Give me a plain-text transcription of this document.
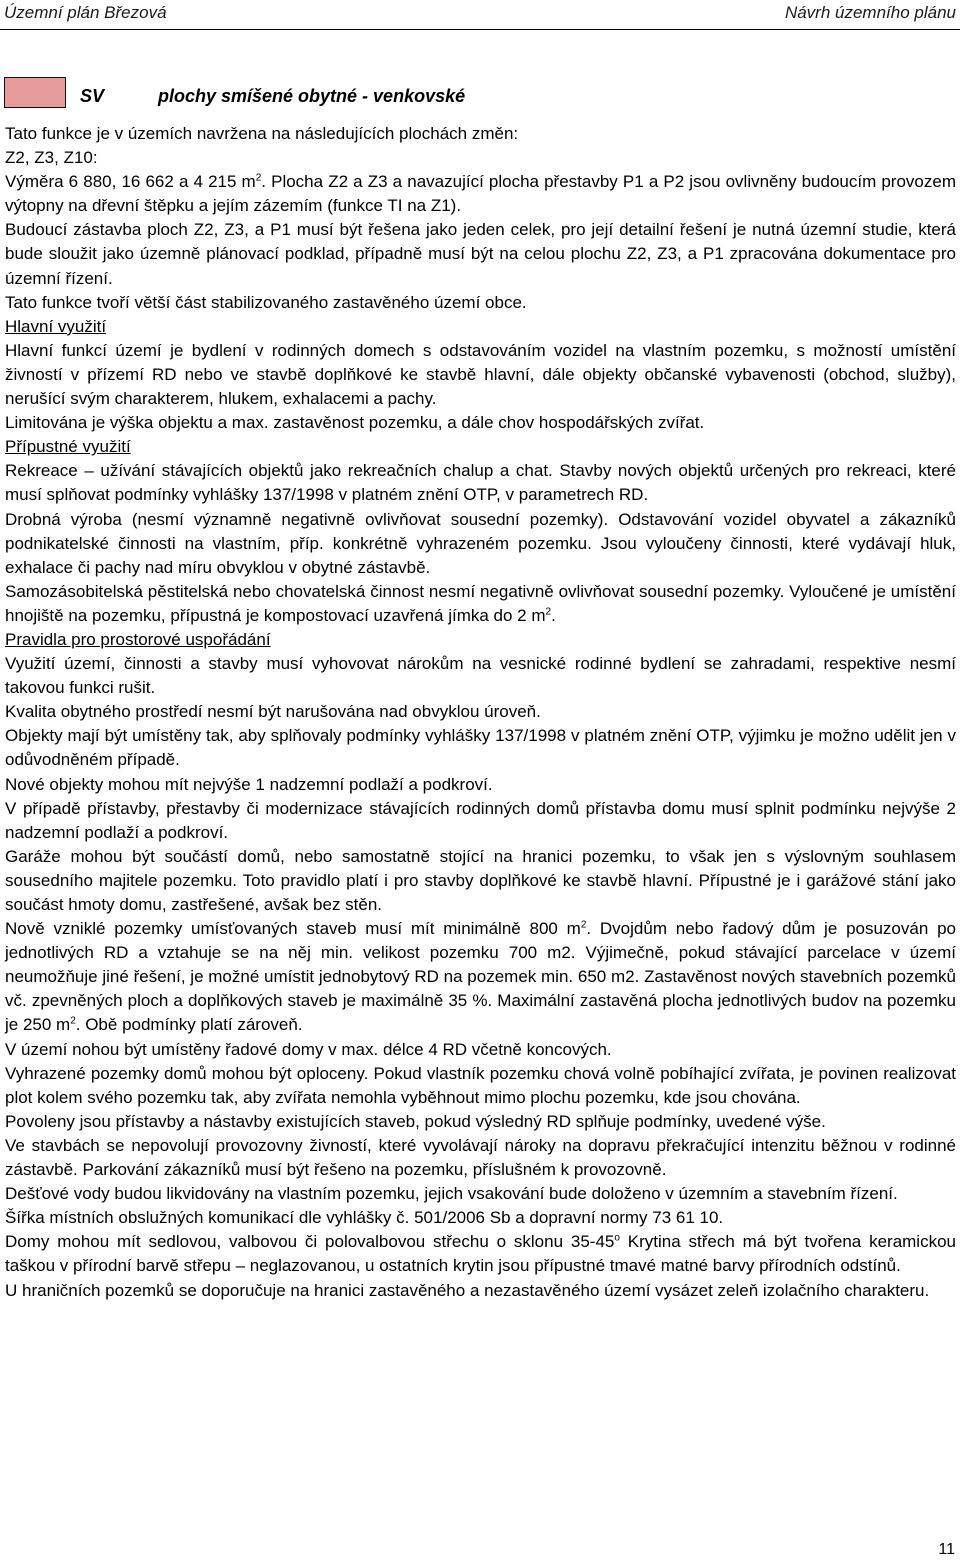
Územní plán Březová	Návrh územního plánu
SV	plochy smíšené obytné - venkovské

Tato funkce je v územích navržena na následujících plochách změn:

Z2, Z3, Z10:

Výměra 6 880, 16 662 a 4 215 $m^2$. Plocha Z2 a Z3 a navazující plocha přestavby P1 a P2 jsou ovlivněny budoucím provozem výtopny na dřevní štěpku a jejím zázemím (funkce TI na Z1).

Budoucí zástavba ploch Z2, Z3, a P1 musí být řešena jako jeden celek, pro její detailní řešení je nutná územní studie, která bude sloužit jako územně plánovací podklad, případně musí být na celou plochu Z2, Z3, a P1 zpracována dokumentace pro územní řízení.

Tato funkce tvoří větší část stabilizovaného zastavěného území obce.

Hlavní využití

Hlavní funkcí území je bydlení v rodinných domech s odstavováním vozidel na vlastním pozemku, s možností umístění živností v přízemí RD nebo ve stavbě doplňkové ke stavbě hlavní, dále objekty občanské vybavenosti (obchod, služby), nerušící svým charakterem, hlukem, exhalacemi a pachy.

Limitována je výška objektu a max. zastavěnost pozemku, a dále chov hospodářských zvířat.

Přípustné využití

Rekreace – užívání stávajících objektů jako rekreačních chalup a chat. Stavby nových objektů určených pro rekreaci, které musí splňovat podmínky vyhlášky 137/1998 v platném znění OTP, v parametrech RD.

Drobná výroba (nesmí významně negativně ovlivňovat sousední pozemky). Odstavování vozidel obyvatel a zákazníků podnikatelské činnosti na vlastním, příp. konkrétně vyhrazeném pozemku. Jsou vyloučeny činnosti, které vydávají hluk, exhalace či pachy nad míru obvyklou v obytné zástavbě.

Samozásobitelská pěstitelská nebo chovatelská činnost nesmí negativně ovlivňovat sousední pozemky. Vyloučené je umístění hnojiště na pozemku, přípustná je kompostovací uzavřená jímka do 2 $m^2$.

Pravidla pro prostorové uspořádání

Využití území, činnosti a stavby musí vyhovovat nárokům na vesnické rodinné bydlení se zahradami, respektive nesmí takovou funkci rušit.

Kvalita obytného prostředí nesmí být narušována nad obvyklou úroveň.

Objekty mají být umístěny tak, aby splňovaly podmínky vyhlášky 137/1998 v platném znění OTP, výjimku je možno udělit jen v odůvodněném případě.

Nové objekty mohou mít nejvýše 1 nadzemní podlaží a podkroví.

V případě přístavby, přestavby či modernizace stávajících rodinných domů přístavba domu musí splnit podmínku nejvýše 2 nadzemní podlaží a podkroví.

Garáže mohou být součástí domů, nebo samostatně stojící na hranici pozemku, to však jen s výslovným souhlasem sousedního majitele pozemku. Toto pravidlo platí i pro stavby doplňkové ke stavbě hlavní. Přípustné je i garážové stání jako součást hmoty domu, zastřešené, avšak bez stěn.

Nově vzniklé pozemky umísťovaných staveb musí mít minimálně 800 $m^2$. Dvojdům nebo řadový dům je posuzován po jednotlivých RD a vztahuje se na něj min. velikost pozemku 700 m2. Výjimečně, pokud stávající parcelace v území neumožňuje jiné řešení, je možné umístit jednobytový RD na pozemek min. 650 m2. Zastavěnost nových stavebních pozemků vč. zpevněných ploch a doplňkových staveb je maximálně 35 %. Maximální zastavěná plocha jednotlivých budov na pozemku je 250 $m^2$. Obě podmínky platí zároveň.

V území nohou být umístěny řadové domy v max. délce 4 RD včetně koncových.

Vyhrazené pozemky domů mohou být oploceny. Pokud vlastník pozemku chová volně pobíhající zvířata, je povinen realizovat plot kolem svého pozemku tak, aby zvířata nemohla vyběhnout mimo plochu pozemku, kde jsou chována.

Povoleny jsou přístavby a nástavby existujících staveb, pokud výsledný RD splňuje podmínky, uvedené výše.

Ve stavbách se nepovolují provozovny živností, které vyvolávají nároky na dopravu překračující intenzitu běžnou v rodinné zástavbě. Parkování zákazníků musí být řešeno na pozemku, příslušném k provozovně.

Dešťové vody budou likvidovány na vlastním pozemku, jejich vsakování bude doloženo v územním a stavebním řízení.

Šířka místních obslužných komunikací dle vyhlášky č. 501/2006 Sb a dopravní normy 73 61 10.

Domy mohou mít sedlovou, valbovou či polovalbovou střechu o sklonu 35-45$^o$ Krytina střech má být tvořena keramickou taškou v přírodní barvě střepu – neglazovanou, u ostatních krytin jsou přípustné tmavé matné barvy přírodních odstínů.

U hraničních pozemků se doporučuje na hranici zastavěného a nezastavěného území vysázet zeleň izolačního charakteru.

11
